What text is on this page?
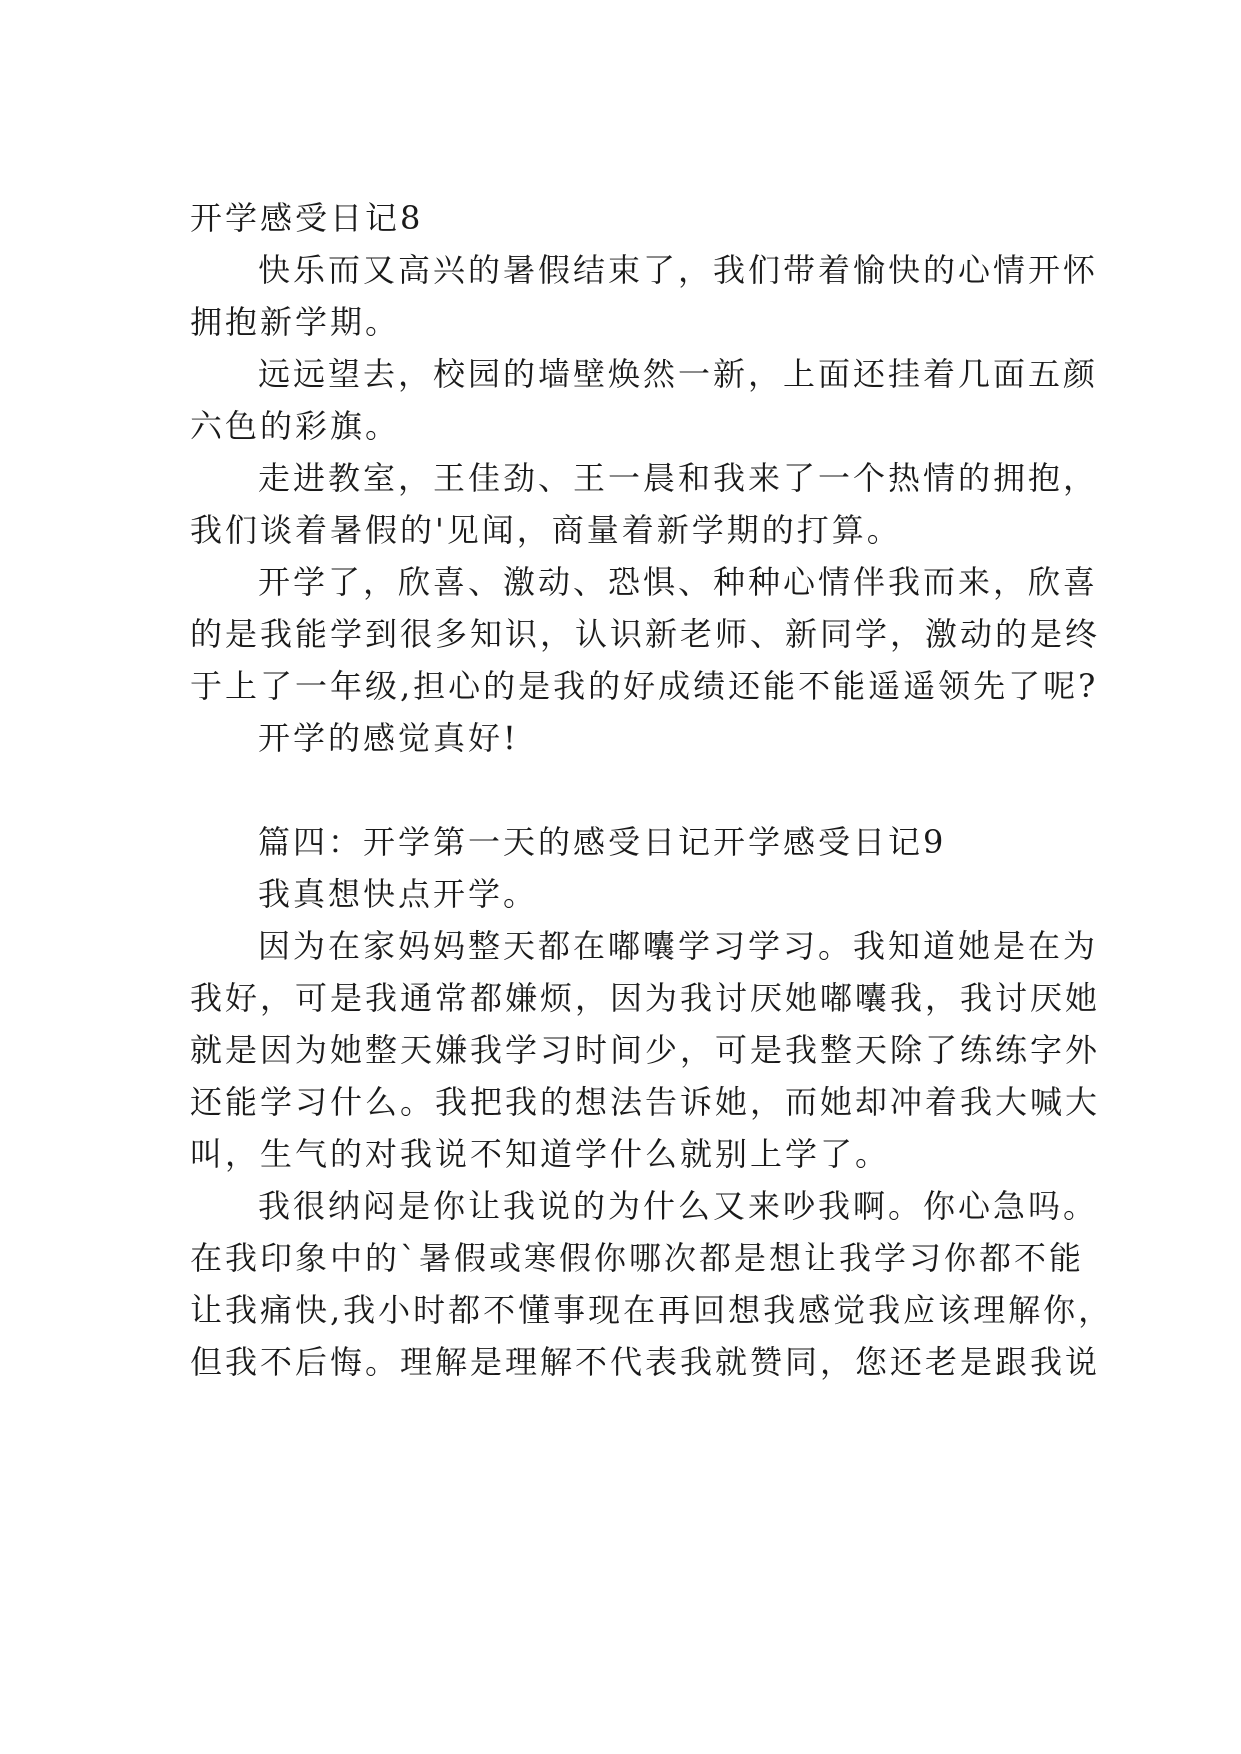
开学感受日记8
快乐而又高兴的暑假结束了，我们带着愉快的心情开怀
拥抱新学期。
远远望去，校园的墙壁焕然一新，上面还挂着几面五颜
六色的彩旗。
走进教室，王佳劲、王一晨和我来了一个热情的拥抱，
我们谈着暑假的'见闻，商量着新学期的打算。
开学了，欣喜、激动、恐惧、种种心情伴我而来，欣喜
的是我能学到很多知识，认识新老师、新同学，激动的是终
于上了一年级,担心的是我的好成绩还能不能遥遥领先了呢?
开学的感觉真好!
篇四：开学第一天的感受日记开学感受日记9
我真想快点开学。
因为在家妈妈整天都在嘟囔学习学习。我知道她是在为
我好，可是我通常都嫌烦，因为我讨厌她嘟囔我，我讨厌她
就是因为她整天嫌我学习时间少，可是我整天除了练练字外
还能学习什么。我把我的想法告诉她，而她却冲着我大喊大
叫，生气的对我说不知道学什么就别上学了。
我很纳闷是你让我说的为什么又来吵我啊。你心急吗。
在我印象中的`暑假或寒假你哪次都是想让我学习你都不能
让我痛快,我小时都不懂事现在再回想我感觉我应该理解你，
但我不后悔。理解是理解不代表我就赞同，您还老是跟我说
